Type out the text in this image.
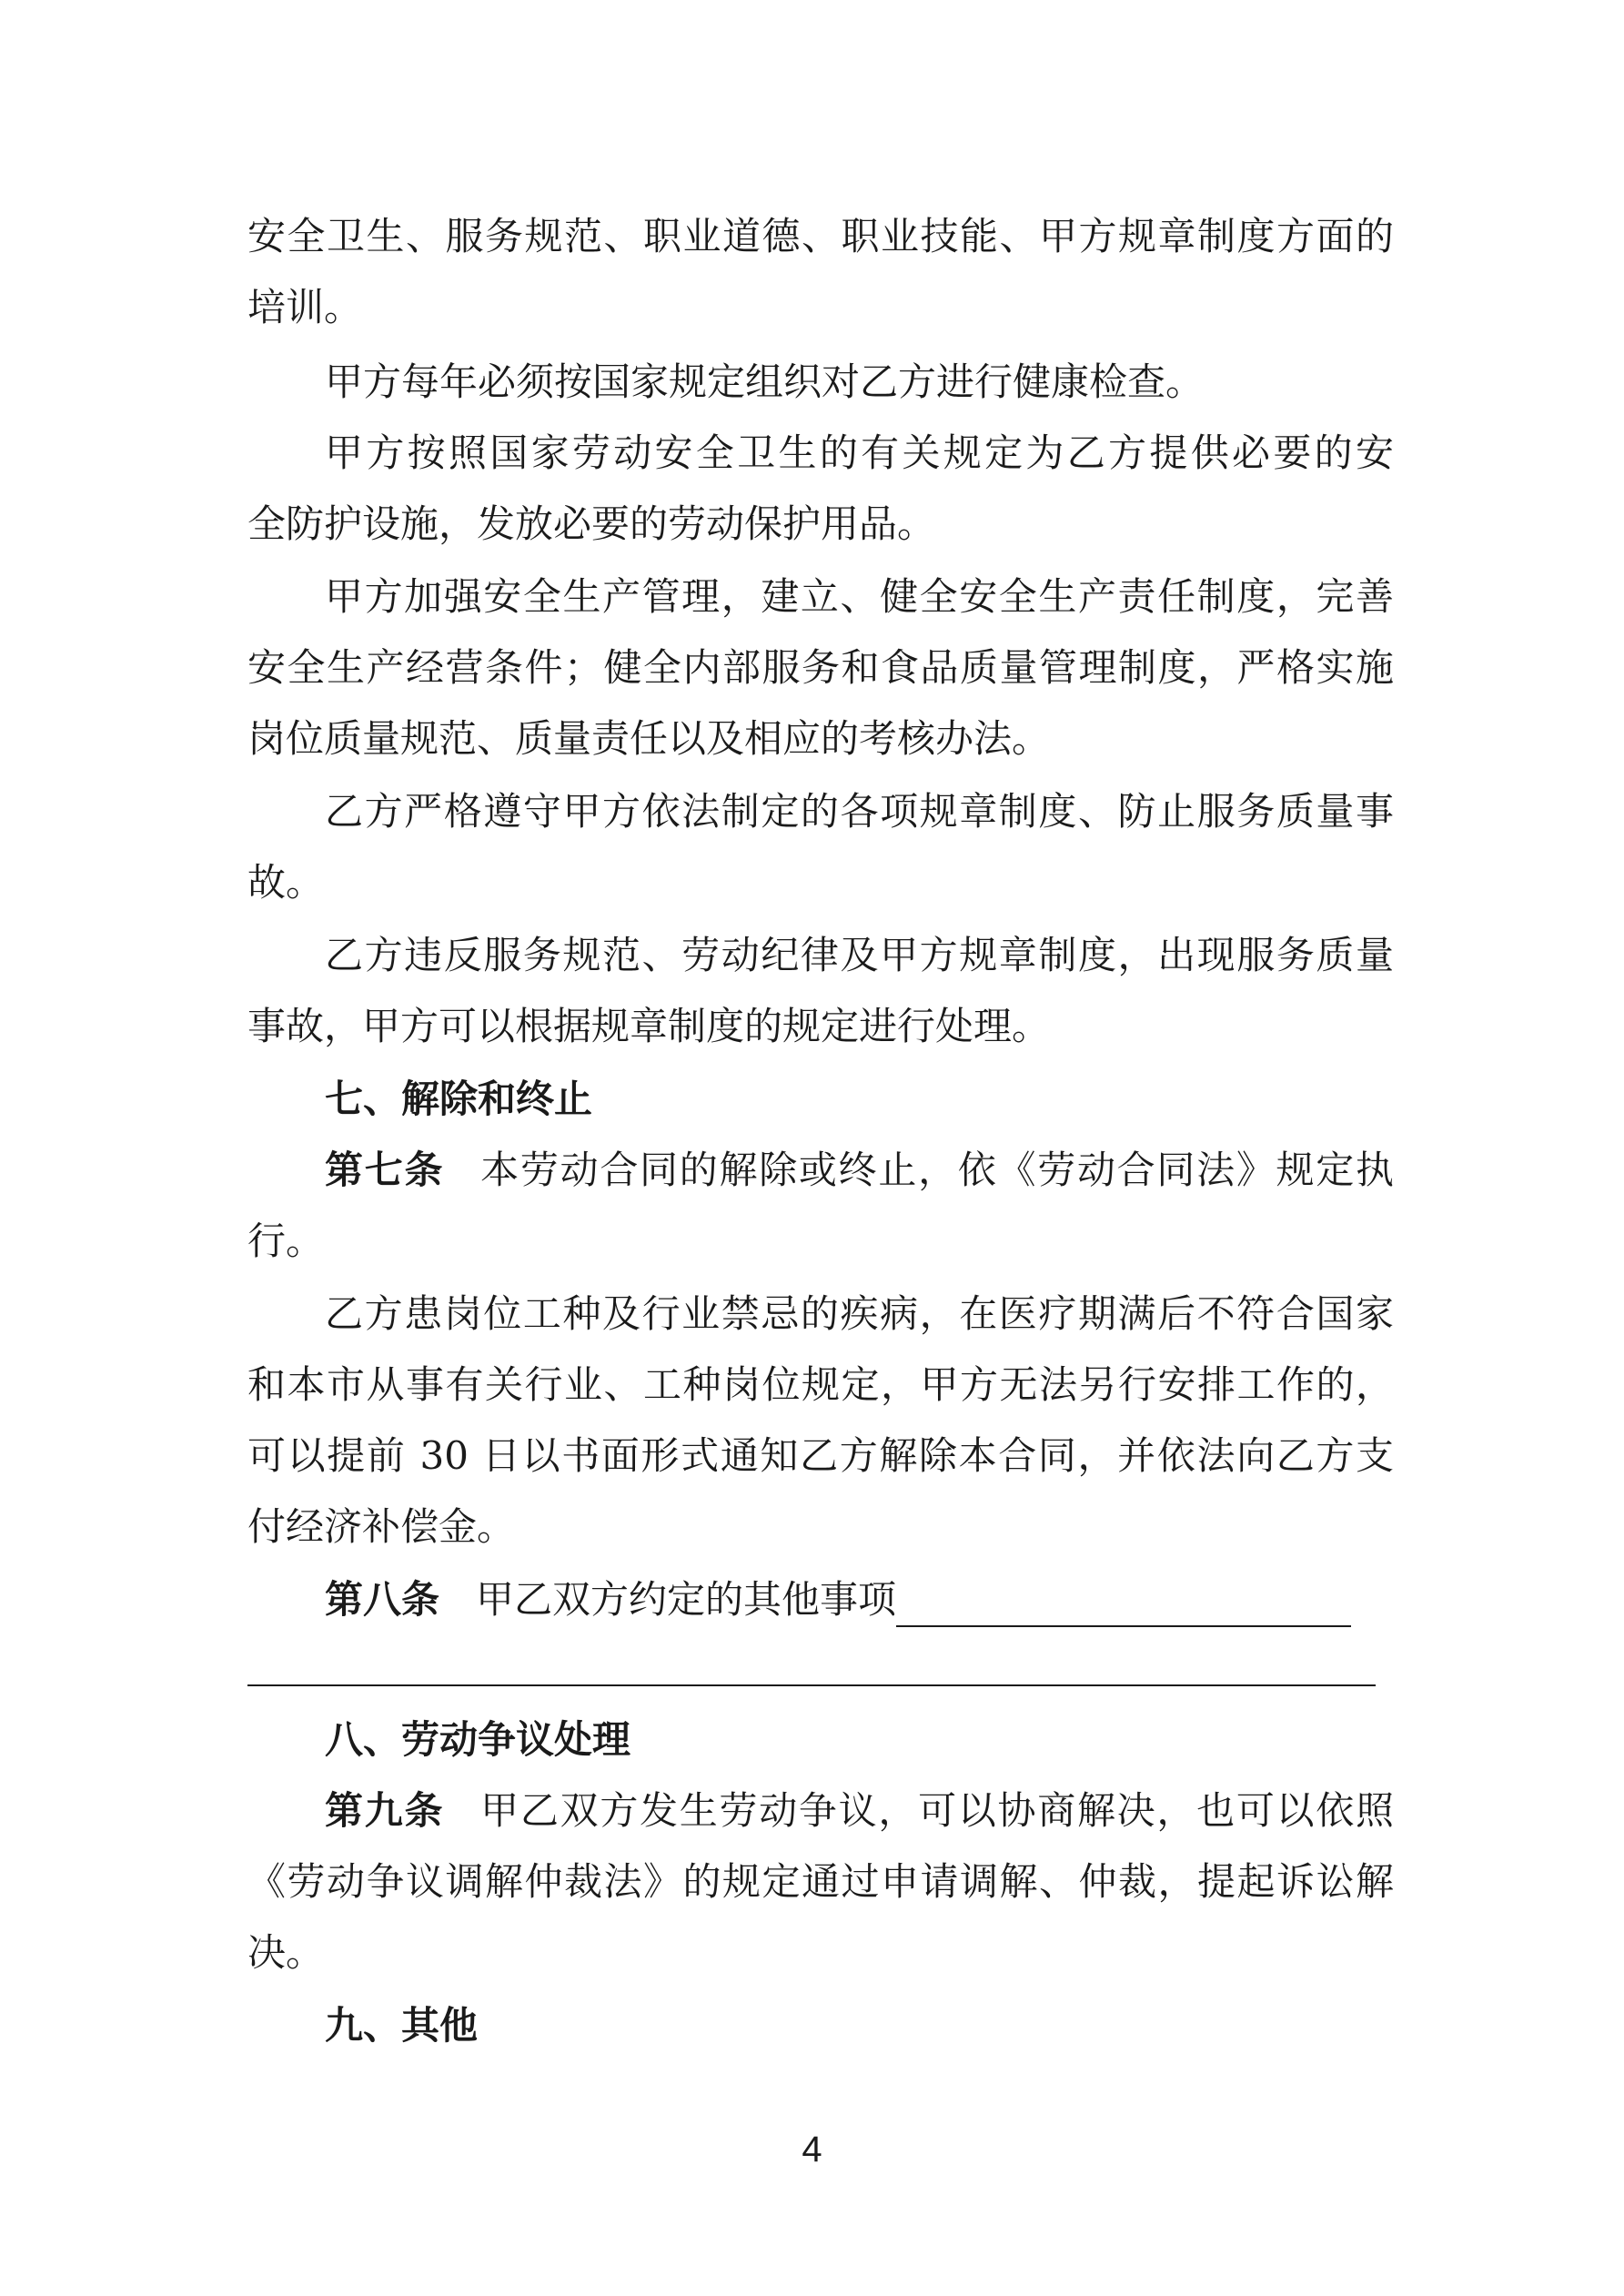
安全卫生、服务规范、职业道德、职业技能、甲方规章制度方面的
培训。
甲方每年必须按国家规定组织对乙方进行健康检查。
甲方按照国家劳动安全卫生的有关规定为乙方提供必要的安
全防护设施，发放必要的劳动保护用品。
甲方加强安全生产管理，建立、健全安全生产责任制度，完善
安全生产经营条件；健全内部服务和食品质量管理制度，严格实施
岗位质量规范、质量责任以及相应的考核办法。
乙方严格遵守甲方依法制定的各项规章制度、防止服务质量事
故。
乙方违反服务规范、劳动纪律及甲方规章制度，出现服务质量
事故，甲方可以根据规章制度的规定进行处理。
七、解除和终止
第七条 本劳动合同的解除或终止，依《劳动合同法》规定执
行。
乙方患岗位工种及行业禁忌的疾病，在医疗期满后不符合国家
和本市从事有关行业、工种岗位规定，甲方无法另行安排工作的，
可以提前 30 日以书面形式通知乙方解除本合同，并依法向乙方支
付经济补偿金。
第八条 甲乙双方约定的其他事项
八、劳动争议处理
第九条 甲乙双方发生劳动争议，可以协商解决，也可以依照
《劳动争议调解仲裁法》的规定通过申请调解、仲裁，提起诉讼解
决。
九、其他
4
